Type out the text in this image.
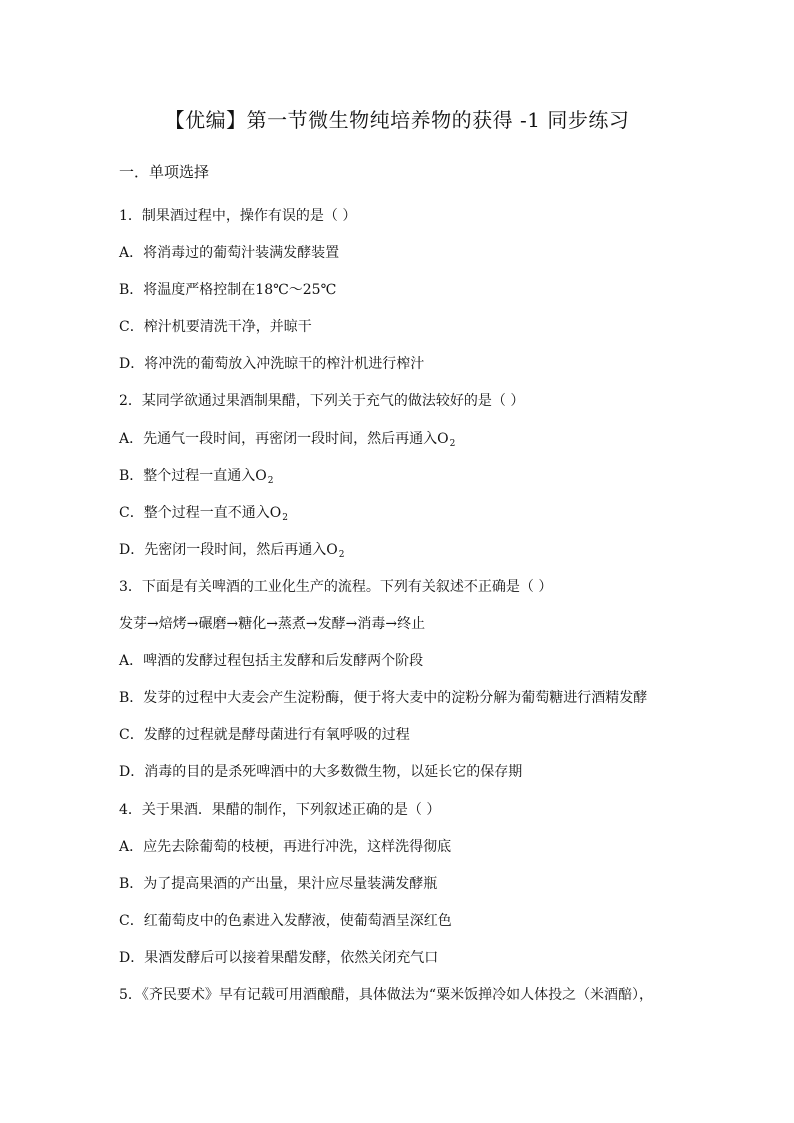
【优编】第一节微生物纯培养物的获得 -1 同步练习
一．单项选择
1．制果酒过程中，操作有误的是（ ）
A．将消毒过的葡萄汁装满发酵装置
B．将温度严格控制在18℃～25℃
C．榨汁机要清洗干净，并晾干
D．将冲洗的葡萄放入冲洗晾干的榨汁机进行榨汁
2．某同学欲通过果酒制果醋，下列关于充气的做法较好的是（ ）
A．先通气一段时间，再密闭一段时间，然后再通入$O_2$
B．整个过程一直通入$O_2$
C．整个过程一直不通入$O_2$
D．先密闭一段时间，然后再通入$O_2$
3．下面是有关啤酒的工业化生产的流程。下列有关叙述不正确是（ ）
发芽→焙烤→碾磨→糖化→蒸煮→发酵→消毒→终止
A．啤酒的发酵过程包括主发酵和后发酵两个阶段
B．发芽的过程中大麦会产生淀粉酶，便于将大麦中的淀粉分解为葡萄糖进行酒精发酵
C．发酵的过程就是酵母菌进行有氧呼吸的过程
D．消毒的目的是杀死啤酒中的大多数微生物，以延长它的保存期
4．关于果酒．果醋的制作，下列叙述正确的是（ ）
A．应先去除葡萄的枝梗，再进行冲洗，这样洗得彻底
B．为了提高果酒的产出量，果汁应尽量装满发酵瓶
C．红葡萄皮中的色素进入发酵液，使葡萄酒呈深红色
D．果酒发酵后可以接着果醋发酵，依然关闭充气口
5．《齐民要术》早有记载可用酒酿醋，具体做法为“粟米饭掸冷如人体投之（米酒醅），
